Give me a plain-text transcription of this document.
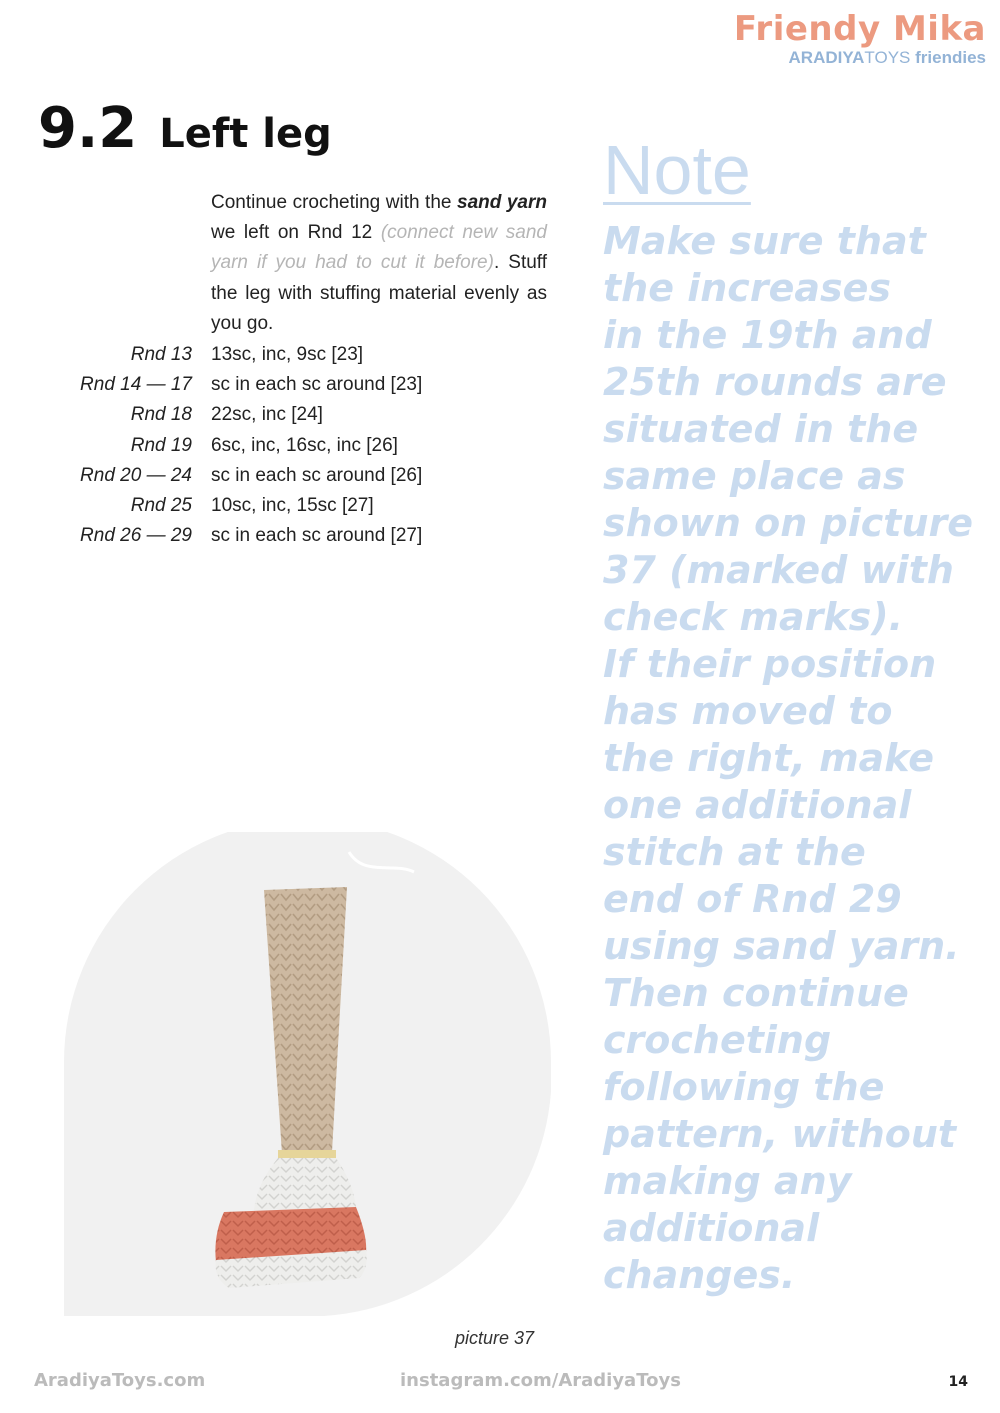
Friendy Mika
ARADIYATOYS friendies
9.2 Left leg
Continue crocheting with the sand yarn we left on Rnd 12 (connect new sand yarn if you had to cut it before). Stuff the leg with stuffing material evenly as you go.
Rnd 13 13sc, inc, 9sc [23]
Rnd 14 — 17 sc in each sc around [23]
Rnd 18 22sc, inc [24]
Rnd 19 6sc, inc, 16sc, inc [26]
Rnd 20 — 24 sc in each sc around [26]
Rnd 25 10sc, inc, 15sc [27]
Rnd 26 — 29 sc in each sc around [27]
Note
Make sure that
the increases
in the 19th and
25th rounds are
situated in the
same place as
shown on picture
37 (marked with
check marks).
If their position
has moved to
the right, make
one additional
stitch at the
end of Rnd 29
using sand yarn.
Then continue
crocheting
following the
pattern, without
making any
additional
changes.
picture 37
AradiyaToys.com	instagram.com/AradiyaToys	14
